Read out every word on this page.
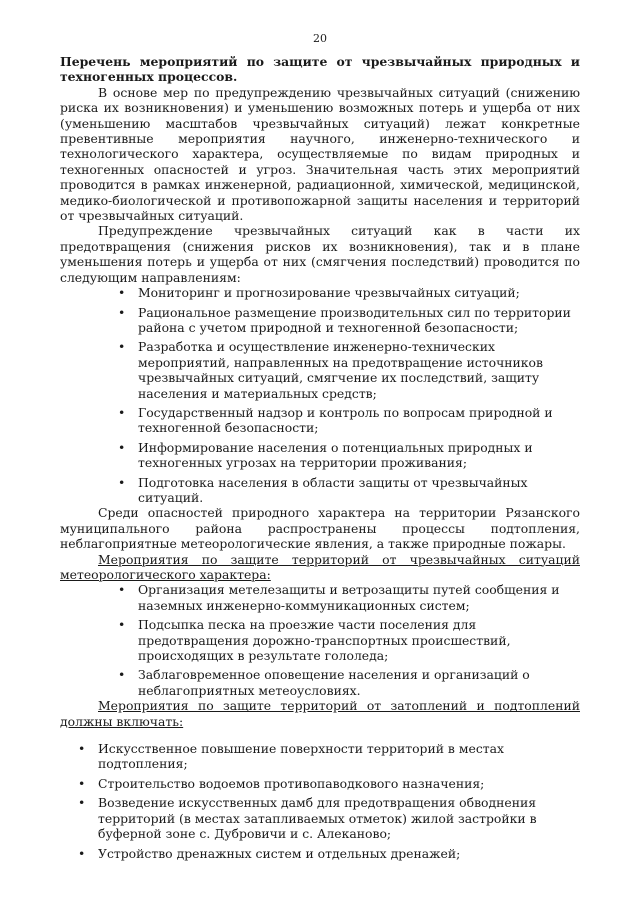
20

Перечень мероприятий по защите от чрезвычайных природных и техногенных процессов.

В основе мер по предупреждению чрезвычайных ситуаций (снижению риска их возникновения) и уменьшению возможных потерь и ущерба от них (уменьшению масштабов чрезвычайных ситуаций) лежат конкретные превентивные мероприятия научного, инженерно-технического и технологического характера, осуществляемые по видам природных и техногенных опасностей и угроз. Значительная часть этих мероприятий проводится в рамках инженерной, радиационной, химической, медицинской, медико-биологической и противопожарной защиты населения и территорий от чрезвычайных ситуаций.

Предупреждение чрезвычайных ситуаций как в части их предотвращения (снижения рисков их возникновения), так и в плане уменьшения потерь и ущерба от них (смягчения последствий) проводится по следующим направлениям:

• Мониторинг и прогнозирование чрезвычайных ситуаций;
• Рациональное размещение производительных сил по территории района с учетом природной и техногенной безопасности;
• Разработка и осуществление инженерно-технических мероприятий, направленных на предотвращение источников чрезвычайных ситуаций, смягчение их последствий, защиту населения и материальных средств;
• Государственный надзор и контроль по вопросам природной и техногенной безопасности;
• Информирование населения о потенциальных природных и техногенных угрозах на территории проживания;
• Подготовка населения в области защиты от чрезвычайных ситуаций.

Среди опасностей природного характера на территории Рязанского муниципального района распространены процессы подтопления, неблагоприятные метеорологические явления, а также природные пожары.

Мероприятия по защите территорий от чрезвычайных ситуаций метеорологического характера:

• Организация метелезащиты и ветрозащиты путей сообщения и наземных инженерно-коммуникационных систем;
• Подсыпка песка на проезжие части поселения для предотвращения дорожно-транспортных происшествий, происходящих в результате гололеда;
• Заблаговременное оповещение населения и организаций о неблагоприятных метеоусловиях.

Мероприятия по защите территорий от затоплений и подтоплений должны включать:

• Искусственное повышение поверхности территорий в местах подтопления;
• Строительство водоемов противопаводкового назначения;
• Возведение искусственных дамб для предотвращения обводнения территорий (в местах затапливаемых отметок) жилой застройки в буферной зоне с. Дубровичи и с. Алеканово;
• Устройство дренажных систем и отдельных дренажей;
